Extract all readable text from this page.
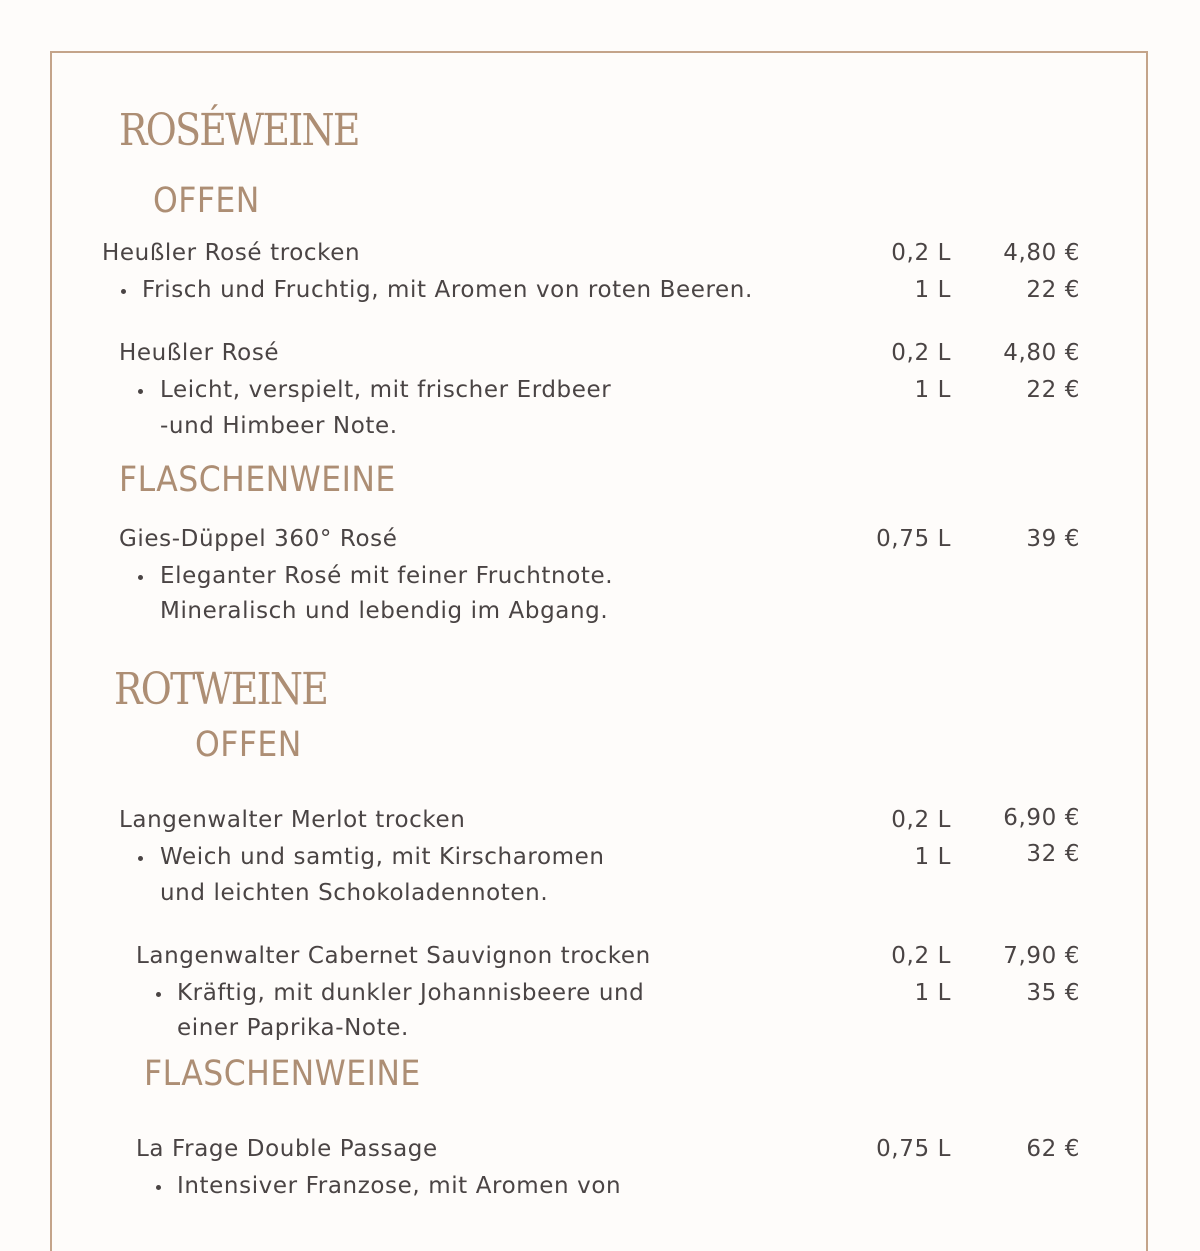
ROSÉWEINE
OFFEN
Heußler Rosé trocken
Frisch und Fruchtig, mit Aromen von roten Beeren.
0,2 L 4,80 €
1 L	22 €
Heußler Rosé
Leicht, verspielt, mit frischer Erdbeer
-und Himbeer Note.
0,2 L 4,80 €
1 L	22 €
FLASCHENWEINE
Gies-Düppel 360° Rosé
Eleganter Rosé mit feiner Fruchtnote.
Mineralisch und lebendig im Abgang.
0,75 L	39 €
ROTWEINE
OFFEN
Langenwalter Merlot trocken
Weich und samtig, mit Kirscharomen
und leichten Schokoladennoten.
0,2 L 6,90 €
1 L	32 €
Langenwalter Cabernet Sauvignon trocken
Kräftig, mit dunkler Johannisbeere und
einer Paprika-Note.
0,2 L 7,90 €
1 L	35 €
FLASCHENWEINE
La Frage Double Passage
Intensiver Franzose, mit Aromen von
0,75 L	62 €
